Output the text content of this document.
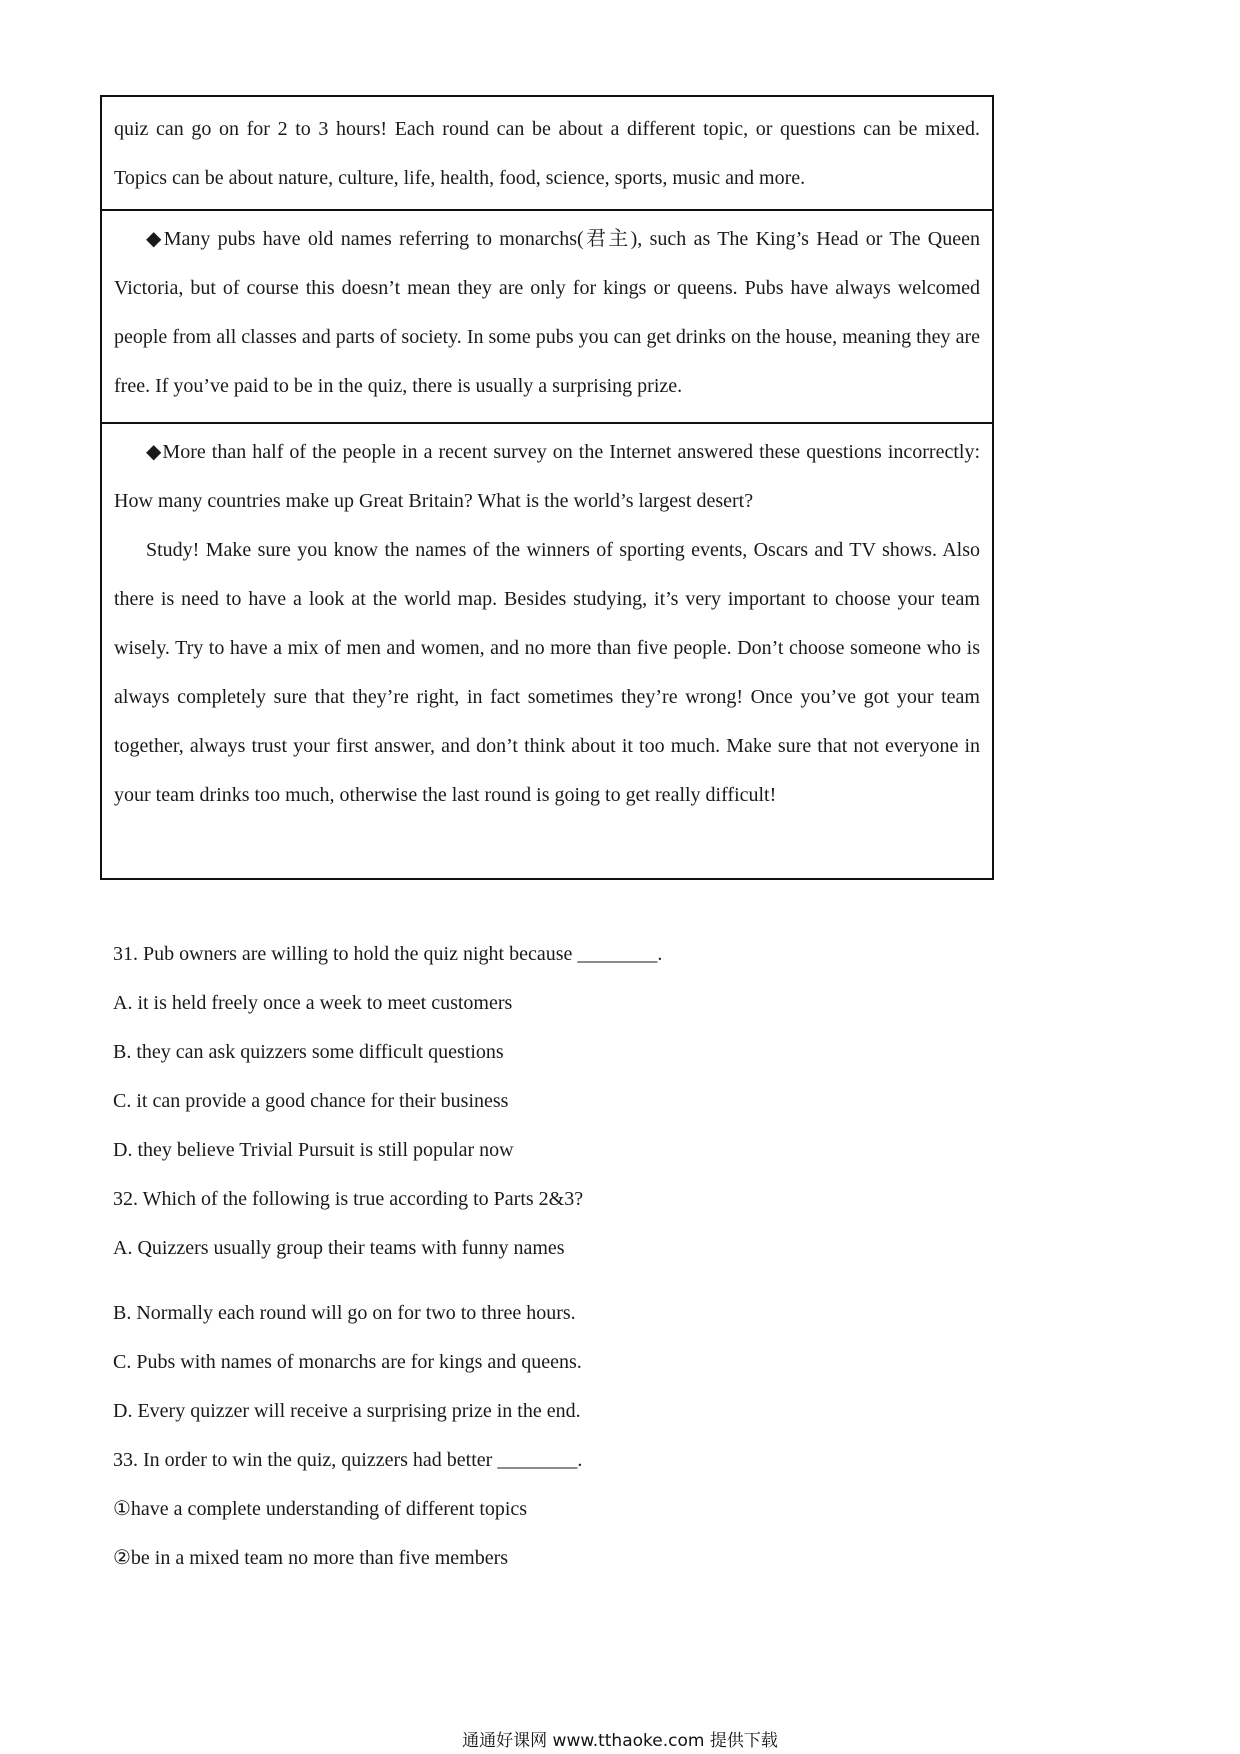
quiz can go on for 2 to 3 hours! Each round can be about a different topic, or questions can be mixed. Topics can be about nature, culture, life, health, food, science, sports, music and more.

◆Many pubs have old names referring to monarchs(君主), such as The King’s Head or The Queen Victoria, but of course this doesn’t mean they are only for kings or queens. Pubs have always welcomed people from all classes and parts of society. In some pubs you can get drinks on the house, meaning they are free. If you’ve paid to be in the quiz, there is usually a surprising prize.

◆More than half of the people in a recent survey on the Internet answered these questions incorrectly: How many countries make up Great Britain? What is the world’s largest desert?

Study! Make sure you know the names of the winners of sporting events, Oscars and TV shows. Also there is need to have a look at the world map. Besides studying, it’s very important to choose your team wisely. Try to have a mix of men and women, and no more than five people. Don’t choose someone who is always completely sure that they’re right, in fact sometimes they’re wrong! Once you’ve got your team together, always trust your first answer, and don’t think about it too much. Make sure that not everyone in your team drinks too much, otherwise the last round is going to get really difficult!

31. Pub owners are willing to hold the quiz night because ________.
A. it is held freely once a week to meet customers
B. they can ask quizzers some difficult questions
C. it can provide a good chance for their business
D. they believe Trivial Pursuit is still popular now
32. Which of the following is true according to Parts 2&3?
A. Quizzers usually group their teams with funny names
B. Normally each round will go on for two to three hours.
C. Pubs with names of monarchs are for kings and queens.
D. Every quizzer will receive a surprising prize in the end.
33. In order to win the quiz, quizzers had better ________.
①have a complete understanding of different topics
②be in a mixed team no more than five members
通通好课网 www.tthaoke.com 提供下载
